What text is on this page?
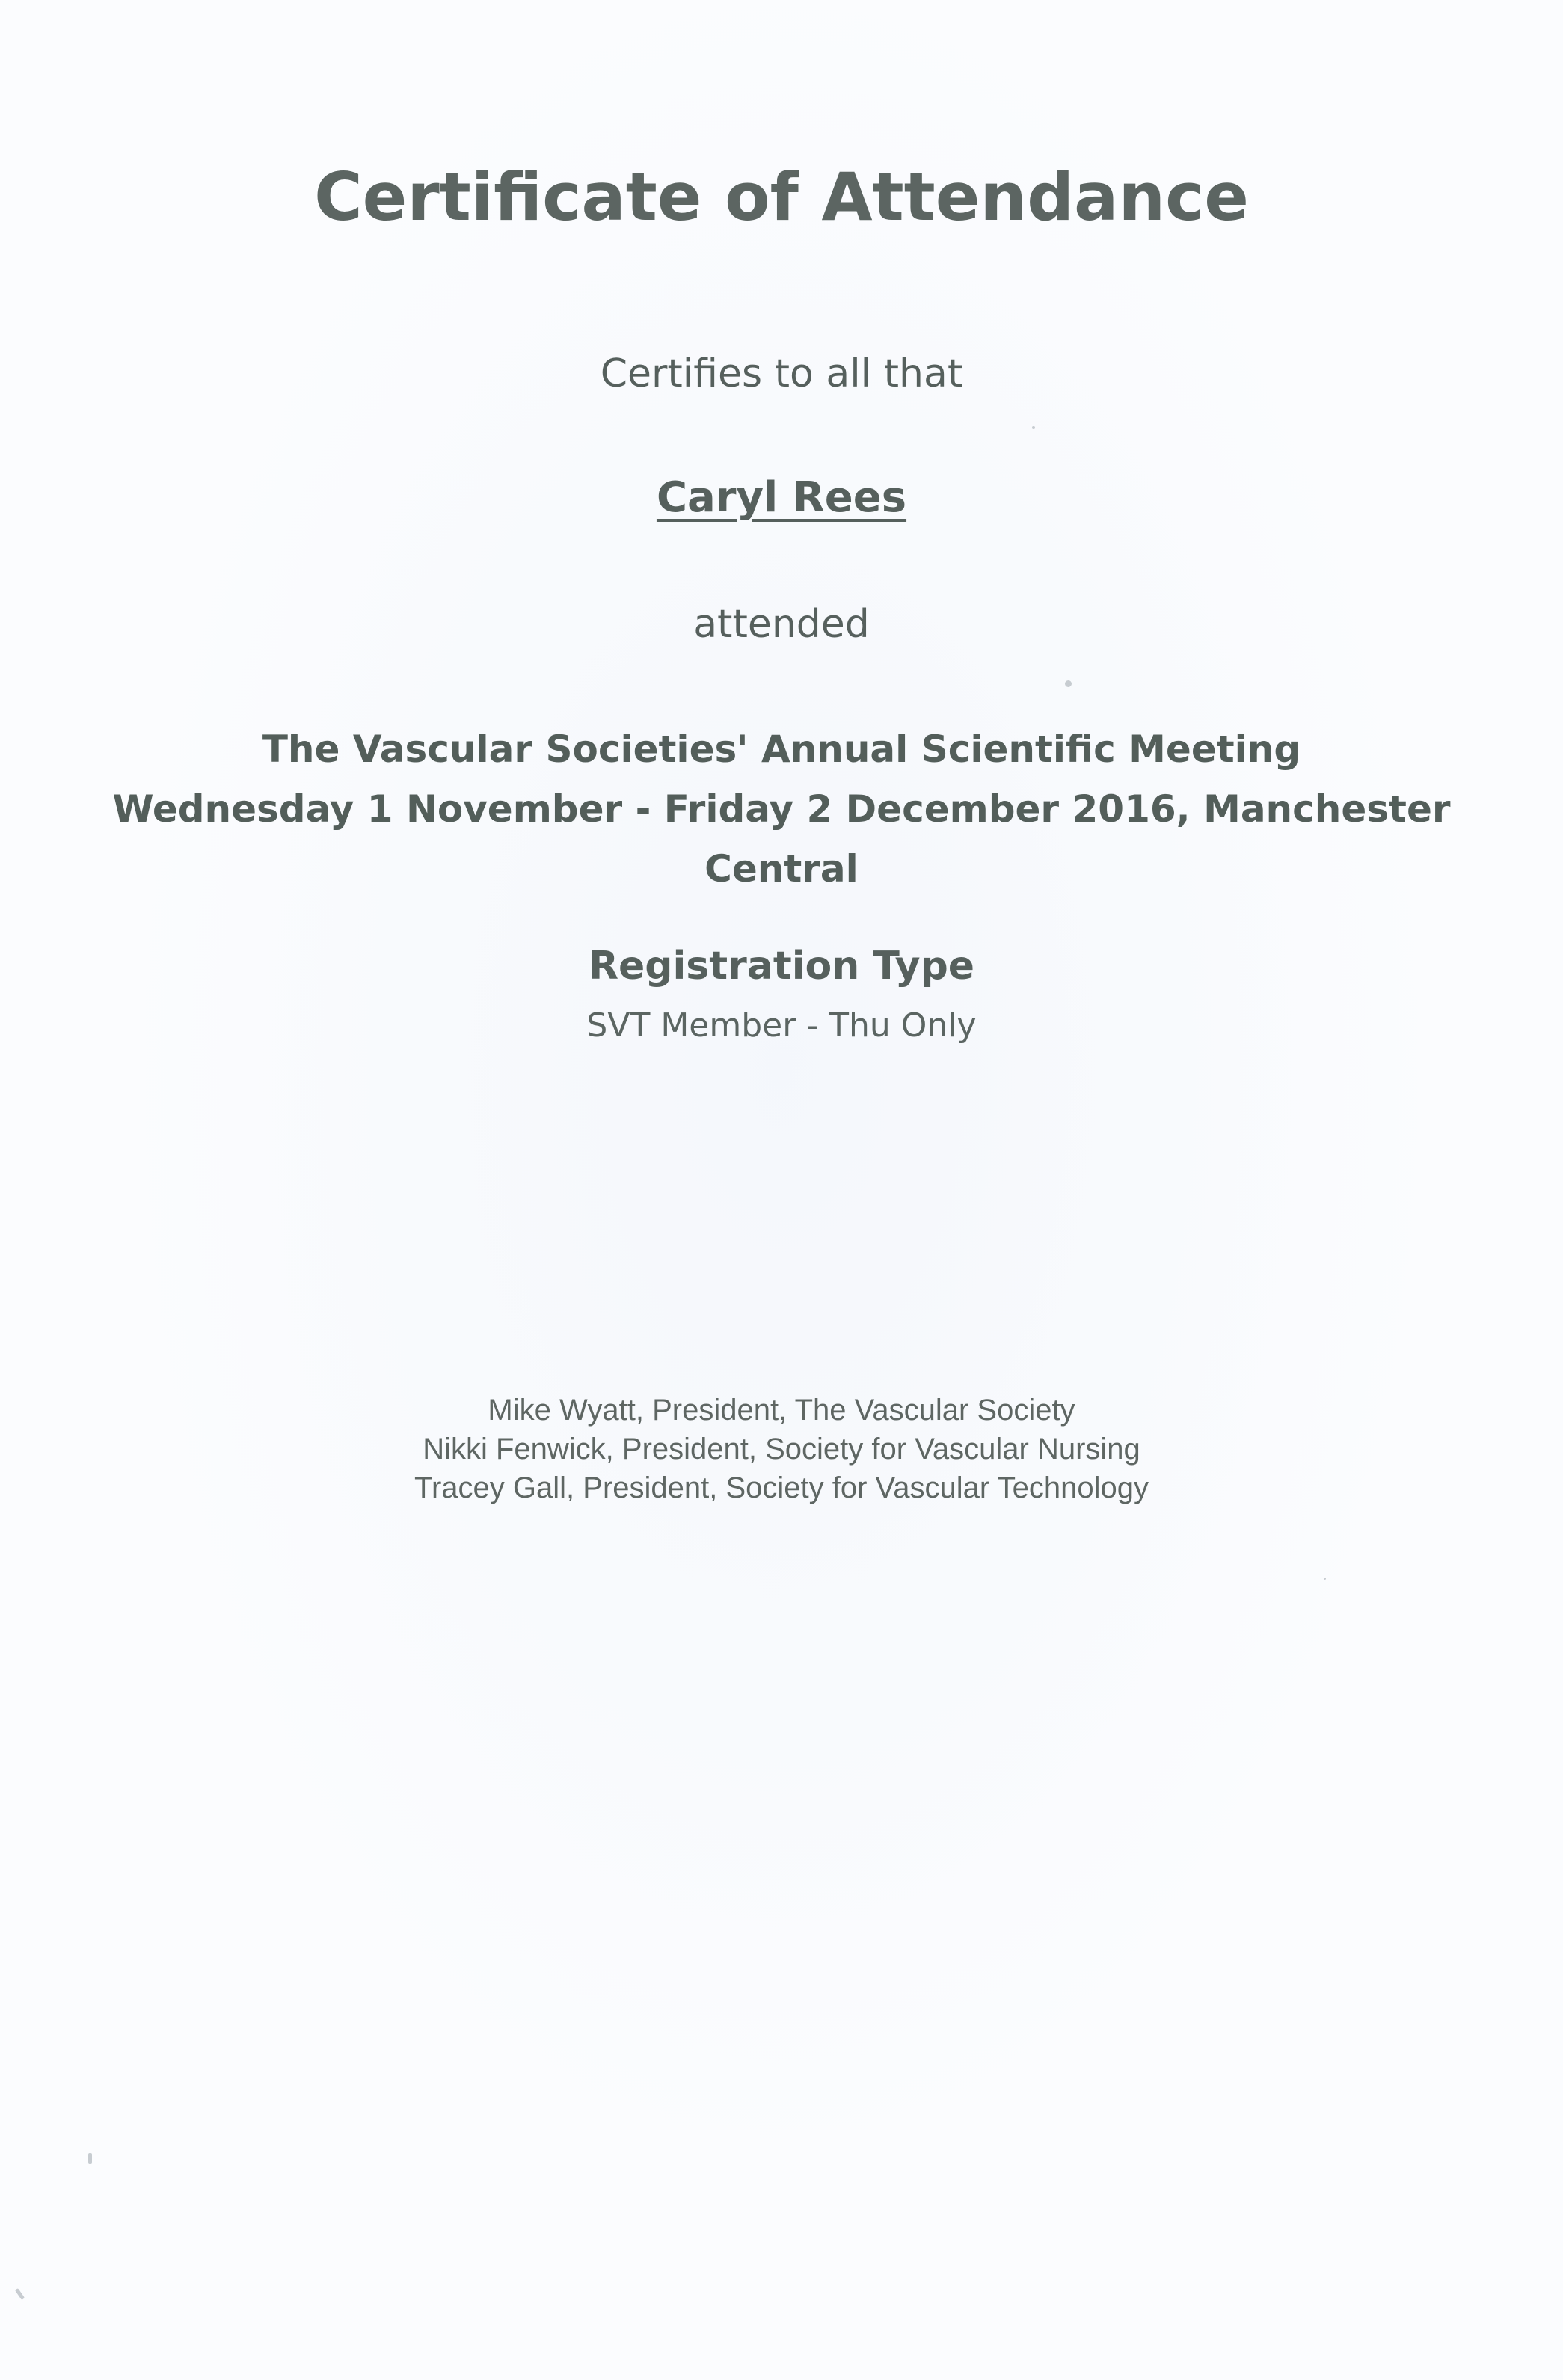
Certificate of Attendance
Certifies to all that
Caryl Rees
attended
The Vascular Societies' Annual Scientific Meeting
Wednesday 1 November - Friday 2 December 2016, Manchester
Central
Registration Type
SVT Member - Thu Only
Mike Wyatt, President, The Vascular Society
Nikki Fenwick, President, Society for Vascular Nursing
Tracey Gall, President, Society for Vascular Technology
